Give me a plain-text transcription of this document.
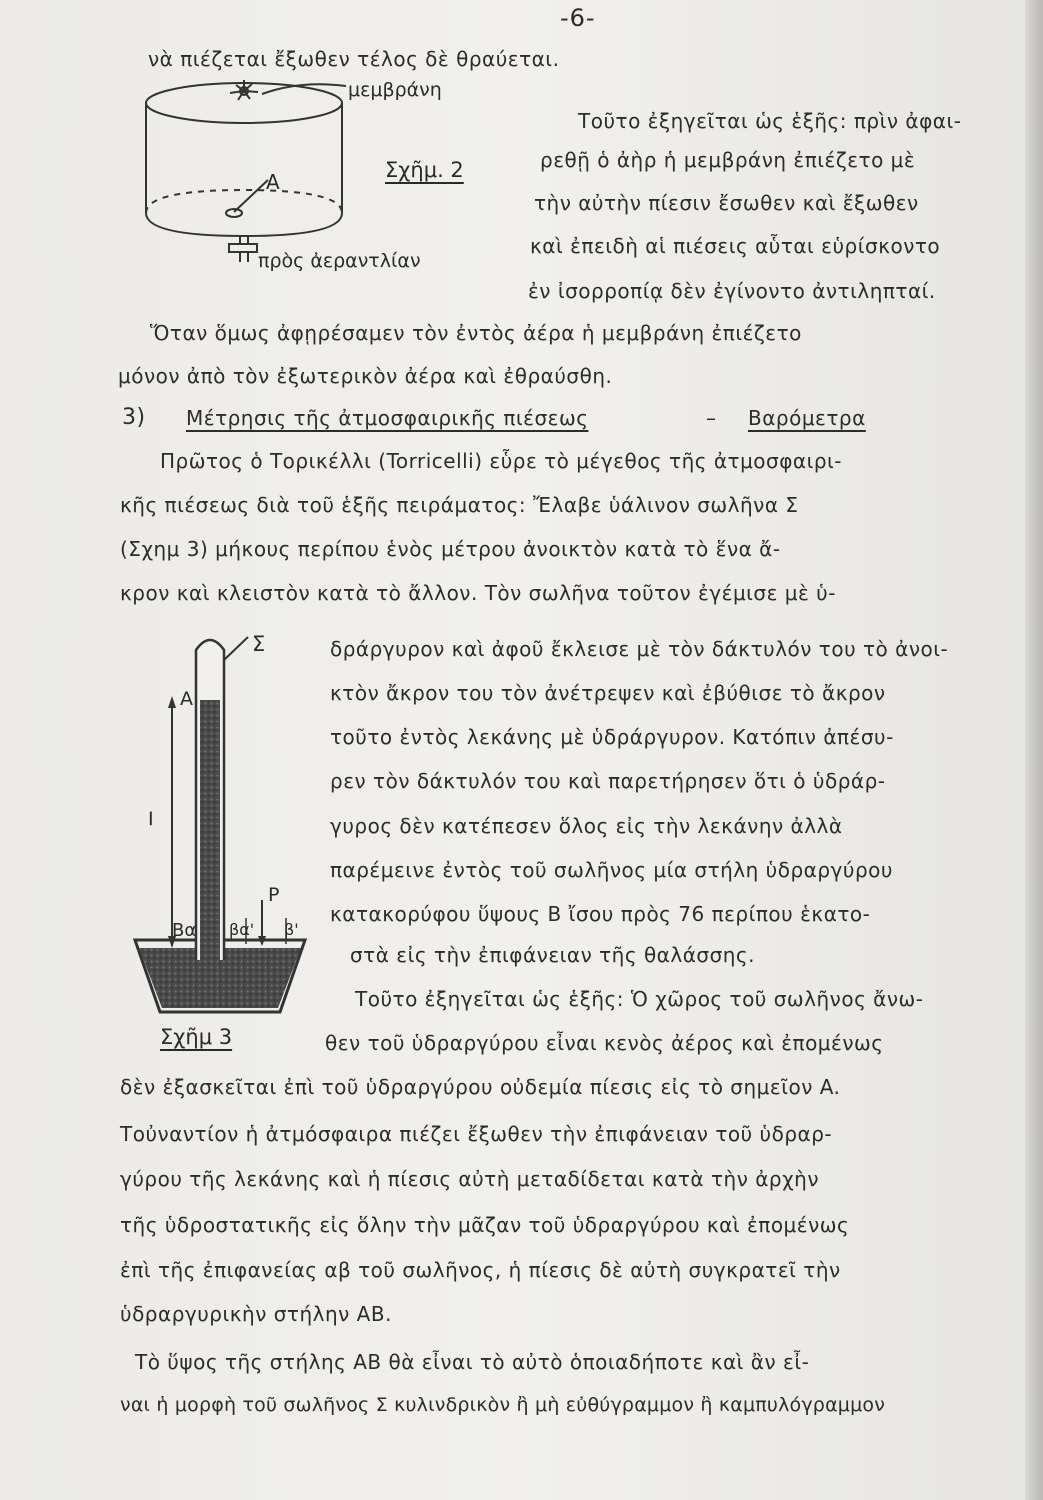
-6-
μεμβράνη
A
πρὸς ἀεραντλίαν
Σχῆμ. 2
Σ
A
Ι
P
Bα βα' β'
Σχῆμ 3
νὰ πιέζεται ἔξωθεν τέλος δὲ θραύεται.
Τοῦτο ἐξηγεῖται ὡς ἑξῆς: πρὶν ἀφαι-
ρεθῇ ὁ ἀὴρ ἡ μεμβράνη ἐπιέζετο μὲ
τὴν αὐτὴν πίεσιν ἔσωθεν καὶ ἔξωθεν
καὶ ἐπειδὴ αἱ πιέσεις αὗται εὑρίσκοντο
ἐν ἰσορροπίᾳ δὲν ἐγίνοντο ἀντιληπταί.
Ὅταν ὅμως ἀφῃρέσαμεν τὸν ἐντὸς ἀέρα ἡ μεμβράνη ἐπιέζετο
μόνον ἀπὸ τὸν ἐξωτερικὸν ἀέρα καὶ ἐθραύσθη.
3) Μέτρησις τῆς ἀτμοσφαιρικῆς πιέσεως	– Βαρόμετρα
Πρῶτος ὁ Τορικέλλι (Torricelli) εὗρε τὸ μέγεθος τῆς ἀτμοσφαιρι-
κῆς πιέσεως διὰ τοῦ ἑξῆς πειράματος: Ἔλαβε ὑάλινον σωλῆνα Σ
(Σχημ 3) μήκους περίπου ἑνὸς μέτρου ἀνοικτὸν κατὰ τὸ ἕνα ἄ-
κρον καὶ κλειστὸν κατὰ τὸ ἄλλον. Τὸν σωλῆνα τοῦτον ἐγέμισε μὲ ὑ-
δράργυρον καὶ ἀφοῦ ἔκλεισε μὲ τὸν δάκτυλόν του τὸ ἀνοι-
κτὸν ἄκρον του τὸν ἀνέτρεψεν καὶ ἐβύθισε τὸ ἄκρον
τοῦτο ἐντὸς λεκάνης μὲ ὑδράργυρον. Κατόπιν ἀπέσυ-
ρεν τὸν δάκτυλόν του καὶ παρετήρησεν ὅτι ὁ ὑδράρ-
γυρος δὲν κατέπεσεν ὅλος εἰς τὴν λεκάνην ἀλλὰ
παρέμεινε ἐντὸς τοῦ σωλῆνος μία στήλη ὑδραργύρου
κατακορύφου ὕψους B ἴσου πρὸς 76 περίπου ἑκατο-
στὰ εἰς τὴν ἐπιφάνειαν τῆς θαλάσσης.
Τοῦτο ἐξηγεῖται ὡς ἑξῆς: Ὁ χῶρος τοῦ σωλῆνος ἄνω-
θεν τοῦ ὑδραργύρου εἶναι κενὸς ἀέρος καὶ ἐπομένως
δὲν ἐξασκεῖται ἐπὶ τοῦ ὑδραργύρου οὐδεμία πίεσις εἰς τὸ σημεῖον A.
Τοὐναντίον ἡ ἀτμόσφαιρα πιέζει ἔξωθεν τὴν ἐπιφάνειαν τοῦ ὑδραρ-
γύρου τῆς λεκάνης καὶ ἡ πίεσις αὐτὴ μεταδίδεται κατὰ τὴν ἀρχὴν
τῆς ὑδροστατικῆς εἰς ὅλην τὴν μᾶζαν τοῦ ὑδραργύρου καὶ ἐπομένως
ἐπὶ τῆς ἐπιφανείας αβ τοῦ σωλῆνος, ἡ πίεσις δὲ αὐτὴ συγκρατεῖ τὴν
ὑδραργυρικὴν στήλην AB.
Τὸ ὕψος τῆς στήλης AB θὰ εἶναι τὸ αὐτὸ ὁποιαδήποτε καὶ ἂν εἶ-
ναι ἡ μορφὴ τοῦ σωλῆνος Σ κυλινδρικὸν ἢ μὴ εὐθύγραμμον ἢ καμπυλόγραμμον
